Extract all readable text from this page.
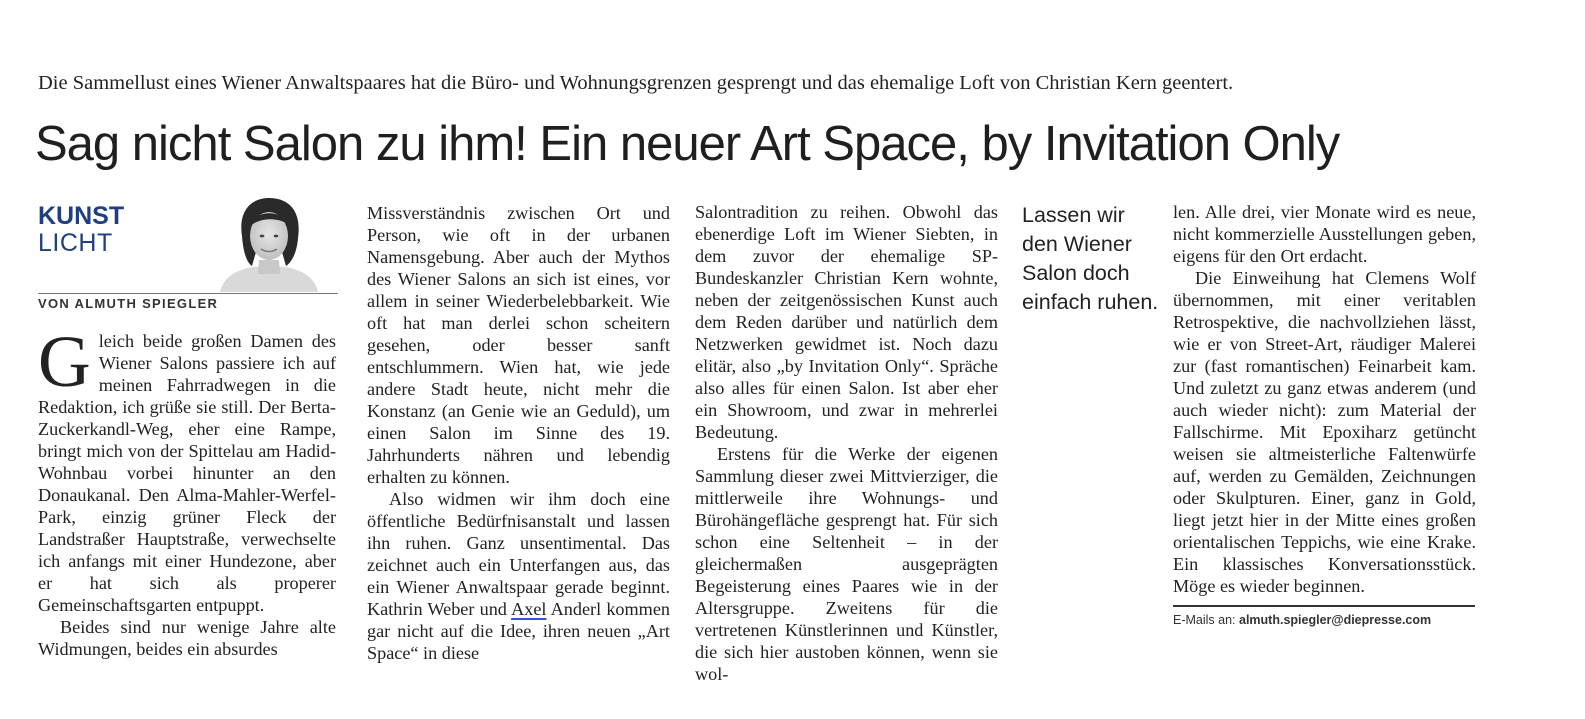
Die Sammellust eines Wiener Anwaltspaares hat die Büro- und Wohnungsgrenzen gesprengt und das ehemalige Loft von Christian Kern geentert.
Sag nicht Salon zu ihm! Ein neuer Art Space, by Invitation Only
KUNST
LICHT
VON ALMUTH SPIEGLER

Gleich beide großen Damen des Wiener Salons passiere ich auf meinen Fahrradwegen in die Redaktion, ich grüße sie still. Der Berta-Zuckerkandl-Weg, eher eine Rampe, bringt mich von der Spittelau am Hadid-Wohnbau vorbei hinunter an den Donaukanal. Den Alma-Mahler-Werfel-Park, einzig grüner Fleck der Landstraßer Hauptstraße, verwechselte ich anfangs mit einer Hundezone, aber er hat sich als properer Gemeinschaftsgarten entpuppt.

Beides sind nur wenige Jahre alte Widmungen, beides ein absurdes

Missverständnis zwischen Ort und Person, wie oft in der urbanen Namensgebung. Aber auch der Mythos des Wiener Salons an sich ist eines, vor allem in seiner Wiederbelebbarkeit. Wie oft hat man derlei schon scheitern gesehen, oder besser sanft entschlummern. Wien hat, wie jede andere Stadt heute, nicht mehr die Konstanz (an Genie wie an Geduld), um einen Salon im Sinne des 19. Jahrhunderts nähren und lebendig erhalten zu können.

Also widmen wir ihm doch eine öffentliche Bedürfnisanstalt und lassen ihn ruhen. Ganz unsentimental. Das zeichnet auch ein Unterfangen aus, das ein Wiener Anwaltspaar gerade beginnt. Kathrin Weber und Axel Anderl kommen gar nicht auf die Idee, ihren neuen „Art Space“ in diese

Salontradition zu reihen. Obwohl das ebenerdige Loft im Wiener Siebten, in dem zuvor der ehemalige SP-Bundeskanzler Christian Kern wohnte, neben der zeitgenössischen Kunst auch dem Reden darüber und natürlich dem Netzwerken gewidmet ist. Noch dazu elitär, also „by Invitation Only“. Spräche also alles für einen Salon. Ist aber eher ein Showroom, und zwar in mehrerlei Bedeutung.

Erstens für die Werke der eigenen Sammlung dieser zwei Mittvierziger, die mittlerweile ihre Wohnungs- und Bürohängefläche gesprengt hat. Für sich schon eine Seltenheit – in der gleichermaßen ausgeprägten Begeisterung eines Paares wie in der Altersgruppe. Zweitens für die vertretenen Künstlerinnen und Künstler, die sich hier austoben können, wenn sie wol-

Lassen wir den Wiener Salon doch einfach ruhen.

len. Alle drei, vier Monate wird es neue, nicht kommerzielle Ausstellungen geben, eigens für den Ort erdacht.

Die Einweihung hat Clemens Wolf übernommen, mit einer veritablen Retrospektive, die nachvollziehen lässt, wie er von Street-Art, räudiger Malerei zur (fast romantischen) Feinarbeit kam. Und zuletzt zu ganz etwas anderem (und auch wieder nicht): zum Material der Fallschirme. Mit Epoxiharz getüncht weisen sie altmeisterliche Faltenwürfe auf, werden zu Gemälden, Zeichnungen oder Skulpturen. Einer, ganz in Gold, liegt jetzt hier in der Mitte eines großen orientalischen Teppichs, wie eine Krake. Ein klassisches Konversationsstück. Möge es wieder beginnen.

E-Mails an: almuth.spiegler@diepresse.com
